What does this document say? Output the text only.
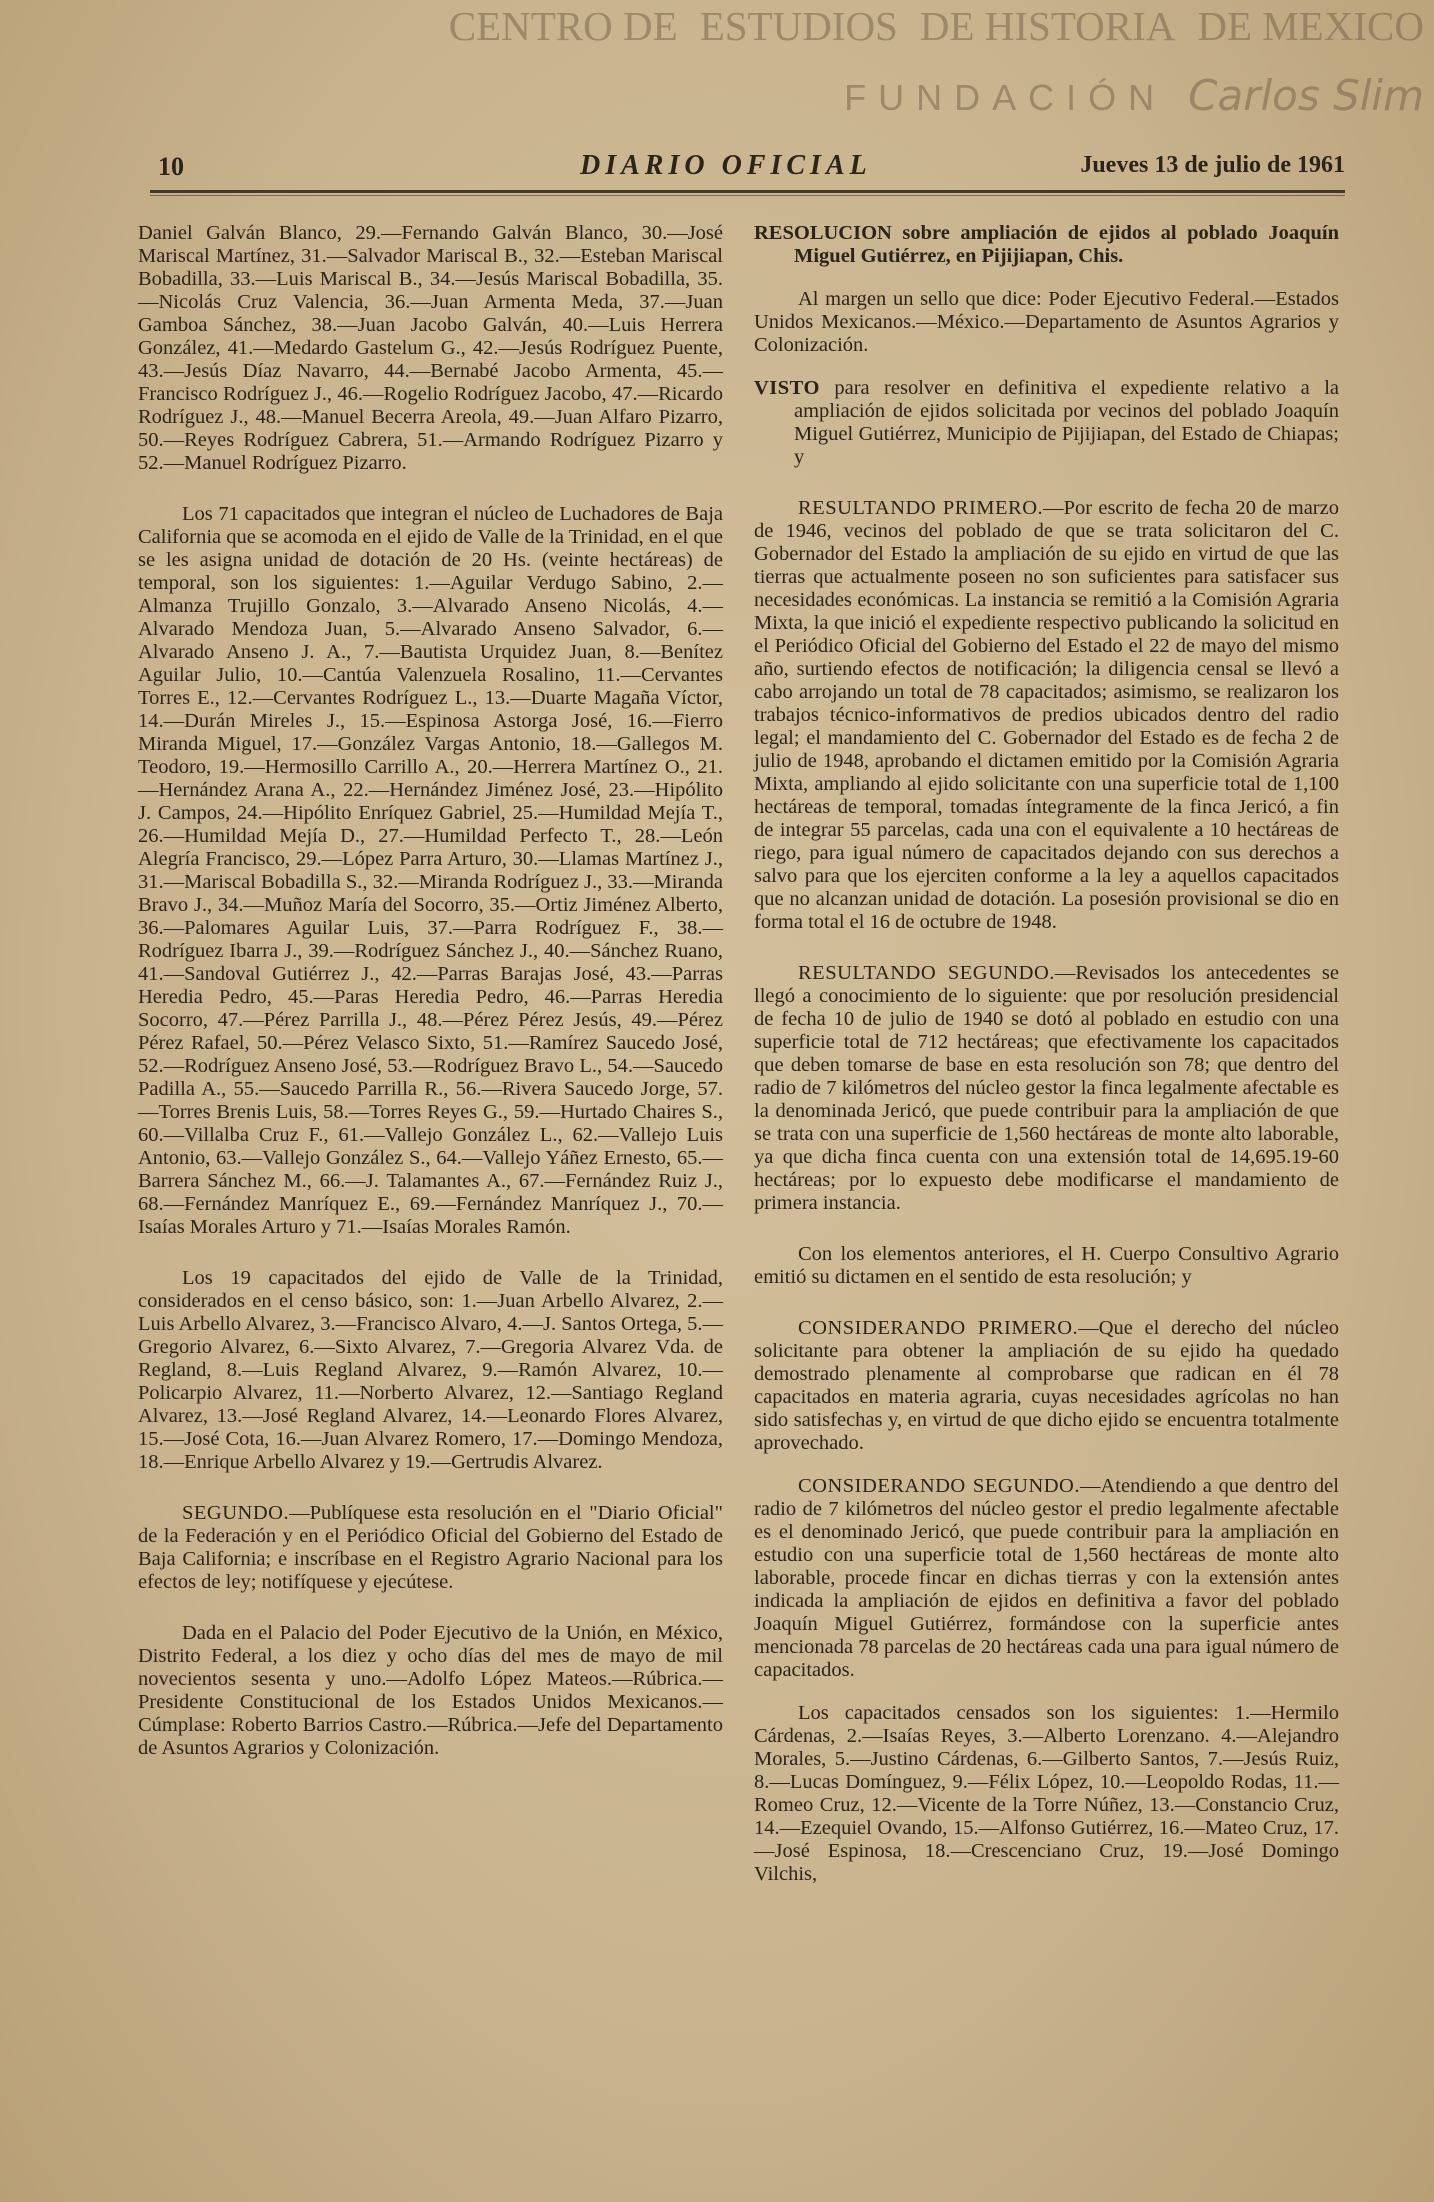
CENTRO DE ESTUDIOS DE HISTORIA DE MEXICO
FUNDACIÓN Carlos Slim
10	DIARIO OFICIAL	Jueves 13 de julio de 1961

Daniel Galván Blanco, 29.—Fernando Galván Blanco, 30.—José Mariscal Martínez, 31.—Salvador Mariscal B., 32.—Esteban Mariscal Bobadilla, 33.—Luis Mariscal B., 34.—Jesús Mariscal Bobadilla, 35.—Nicolás Cruz Valencia, 36.—Juan Armenta Meda, 37.—Juan Gamboa Sánchez, 38.—Juan Jacobo Galván, 40.—Luis Herrera González, 41.—Medardo Gastelum G., 42.—Jesús Rodríguez Puente, 43.—Jesús Díaz Navarro, 44.—Bernabé Jacobo Armenta, 45.—Francisco Rodríguez J., 46.—Rogelio Rodríguez Jacobo, 47.—Ricardo Rodríguez J., 48.—Manuel Becerra Areola, 49.—Juan Alfaro Pizarro, 50.—Reyes Rodríguez Cabrera, 51.—Armando Rodríguez Pizarro y 52.—Manuel Rodríguez Pizarro.

Los 71 capacitados que integran el núcleo de Luchadores de Baja California que se acomoda en el ejido de Valle de la Trinidad, en el que se les asigna unidad de dotación de 20 Hs. (veinte hectáreas) de temporal, son los siguientes: 1.—Aguilar Verdugo Sabino, 2.—Almanza Trujillo Gonzalo, 3.—Alvarado Anseno Nicolás, 4.—Alvarado Mendoza Juan, 5.—Alvarado Anseno Salvador, 6.—Alvarado Anseno J. A., 7.—Bautista Urquidez Juan, 8.—Benítez Aguilar Julio, 10.—Cantúa Valenzuela Rosalino, 11.—Cervantes Torres E., 12.—Cervantes Rodríguez L., 13.—Duarte Magaña Víctor, 14.—Durán Mireles J., 15.—Espinosa Astorga José, 16.—Fierro Miranda Miguel, 17.—González Vargas Antonio, 18.—Gallegos M. Teodoro, 19.—Hermosillo Carrillo A., 20.—Herrera Martínez O., 21.—Hernández Arana A., 22.—Hernández Jiménez José, 23.—Hipólito J. Campos, 24.—Hipólito Enríquez Gabriel, 25.—Humildad Mejía T., 26.—Humildad Mejía D., 27.—Humildad Perfecto T., 28.—León Alegría Francisco, 29.—López Parra Arturo, 30.—Llamas Martínez J., 31.—Mariscal Bobadilla S., 32.—Miranda Rodríguez J., 33.—Miranda Bravo J., 34.—Muñoz María del Socorro, 35.—Ortiz Jiménez Alberto, 36.—Palomares Aguilar Luis, 37.—Parra Rodríguez F., 38.—Rodríguez Ibarra J., 39.—Rodríguez Sánchez J., 40.—Sánchez Ruano, 41.—Sandoval Gutiérrez J., 42.—Parras Barajas José, 43.—Parras Heredia Pedro, 45.—Paras Heredia Pedro, 46.—Parras Heredia Socorro, 47.—Pérez Parrilla J., 48.—Pérez Pérez Jesús, 49.—Pérez Pérez Rafael, 50.—Pérez Velasco Sixto, 51.—Ramírez Saucedo José, 52.—Rodríguez Anseno José, 53.—Rodríguez Bravo L., 54.—Saucedo Padilla A., 55.—Saucedo Parrilla R., 56.—Rivera Saucedo Jorge, 57.—Torres Brenis Luis, 58.—Torres Reyes G., 59.—Hurtado Chaires S., 60.—Villalba Cruz F., 61.—Vallejo González L., 62.—Vallejo Luis Antonio, 63.—Vallejo González S., 64.—Vallejo Yáñez Ernesto, 65.—Barrera Sánchez M., 66.—J. Talamantes A., 67.—Fernández Ruiz J., 68.—Fernández Manríquez E., 69.—Fernández Manríquez J., 70.—Isaías Morales Arturo y 71.—Isaías Morales Ramón.

Los 19 capacitados del ejido de Valle de la Trinidad, considerados en el censo básico, son: 1.—Juan Arbello Alvarez, 2.—Luis Arbello Alvarez, 3.—Francisco Alvaro, 4.—J. Santos Ortega, 5.—Gregorio Alvarez, 6.—Sixto Alvarez, 7.—Gregoria Alvarez Vda. de Regland, 8.—Luis Regland Alvarez, 9.—Ramón Alvarez, 10.—Policarpio Alvarez, 11.—Norberto Alvarez, 12.—Santiago Regland Alvarez, 13.—José Regland Alvarez, 14.—Leonardo Flores Alvarez, 15.—José Cota, 16.—Juan Alvarez Romero, 17.—Domingo Mendoza, 18.—Enrique Arbello Alvarez y 19.—Gertrudis Alvarez.

SEGUNDO.—Publíquese esta resolución en el "Diario Oficial" de la Federación y en el Periódico Oficial del Gobierno del Estado de Baja California; e inscríbase en el Registro Agrario Nacional para los efectos de ley; notifíquese y ejecútese.

Dada en el Palacio del Poder Ejecutivo de la Unión, en México, Distrito Federal, a los diez y ocho días del mes de mayo de mil novecientos sesenta y uno.—Adolfo López Mateos.—Rúbrica.—Presidente Constitucional de los Estados Unidos Mexicanos.—Cúmplase: Roberto Barrios Castro.—Rúbrica.—Jefe del Departamento de Asuntos Agrarios y Colonización.

RESOLUCION sobre ampliación de ejidos al poblado Joaquín Miguel Gutiérrez, en Pijijiapan, Chis.

Al margen un sello que dice: Poder Ejecutivo Federal.—Estados Unidos Mexicanos.—México.—Departamento de Asuntos Agrarios y Colonización.

VISTO para resolver en definitiva el expediente relativo a la ampliación de ejidos solicitada por vecinos del poblado Joaquín Miguel Gutiérrez, Municipio de Pijijiapan, del Estado de Chiapas; y

RESULTANDO PRIMERO.—Por escrito de fecha 20 de marzo de 1946, vecinos del poblado de que se trata solicitaron del C. Gobernador del Estado la ampliación de su ejido en virtud de que las tierras que actualmente poseen no son suficientes para satisfacer sus necesidades económicas. La instancia se remitió a la Comisión Agraria Mixta, la que inició el expediente respectivo publicando la solicitud en el Periódico Oficial del Gobierno del Estado el 22 de mayo del mismo año, surtiendo efectos de notificación; la diligencia censal se llevó a cabo arrojando un total de 78 capacitados; asimismo, se realizaron los trabajos técnico-informativos de predios ubicados dentro del radio legal; el mandamiento del C. Gobernador del Estado es de fecha 2 de julio de 1948, aprobando el dictamen emitido por la Comisión Agraria Mixta, ampliando al ejido solicitante con una superficie total de 1,100 hectáreas de temporal, tomadas íntegramente de la finca Jericó, a fin de integrar 55 parcelas, cada una con el equivalente a 10 hectáreas de riego, para igual número de capacitados dejando con sus derechos a salvo para que los ejerciten conforme a la ley a aquellos capacitados que no alcanzan unidad de dotación. La posesión provisional se dio en forma total el 16 de octubre de 1948.

RESULTANDO SEGUNDO.—Revisados los antecedentes se llegó a conocimiento de lo siguiente: que por resolución presidencial de fecha 10 de julio de 1940 se dotó al poblado en estudio con una superficie total de 712 hectáreas; que efectivamente los capacitados que deben tomarse de base en esta resolución son 78; que dentro del radio de 7 kilómetros del núcleo gestor la finca legalmente afectable es la denominada Jericó, que puede contribuir para la ampliación de que se trata con una superficie de 1,560 hectáreas de monte alto laborable, ya que dicha finca cuenta con una extensión total de 14,695.19-60 hectáreas; por lo expuesto debe modificarse el mandamiento de primera instancia.

Con los elementos anteriores, el H. Cuerpo Consultivo Agrario emitió su dictamen en el sentido de esta resolución; y

CONSIDERANDO PRIMERO.—Que el derecho del núcleo solicitante para obtener la ampliación de su ejido ha quedado demostrado plenamente al comprobarse que radican en él 78 capacitados en materia agraria, cuyas necesidades agrícolas no han sido satisfechas y, en virtud de que dicho ejido se encuentra totalmente aprovechado.

CONSIDERANDO SEGUNDO.—Atendiendo a que dentro del radio de 7 kilómetros del núcleo gestor el predio legalmente afectable es el denominado Jericó, que puede contribuir para la ampliación en estudio con una superficie total de 1,560 hectáreas de monte alto laborable, procede fincar en dichas tierras y con la extensión antes indicada la ampliación de ejidos en definitiva a favor del poblado Joaquín Miguel Gutiérrez, formándose con la superficie antes mencionada 78 parcelas de 20 hectáreas cada una para igual número de capacitados.

Los capacitados censados son los siguientes: 1.—Hermilo Cárdenas, 2.—Isaías Reyes, 3.—Alberto Lorenzano. 4.—Alejandro Morales, 5.—Justino Cárdenas, 6.—Gilberto Santos, 7.—Jesús Ruiz, 8.—Lucas Domínguez, 9.—Félix López, 10.—Leopoldo Rodas, 11.—Romeo Cruz, 12.—Vicente de la Torre Núñez, 13.—Constancio Cruz, 14.—Ezequiel Ovando, 15.—Alfonso Gutiérrez, 16.—Mateo Cruz, 17.—José Espinosa, 18.—Crescenciano Cruz, 19.—José Domingo Vilchis,
